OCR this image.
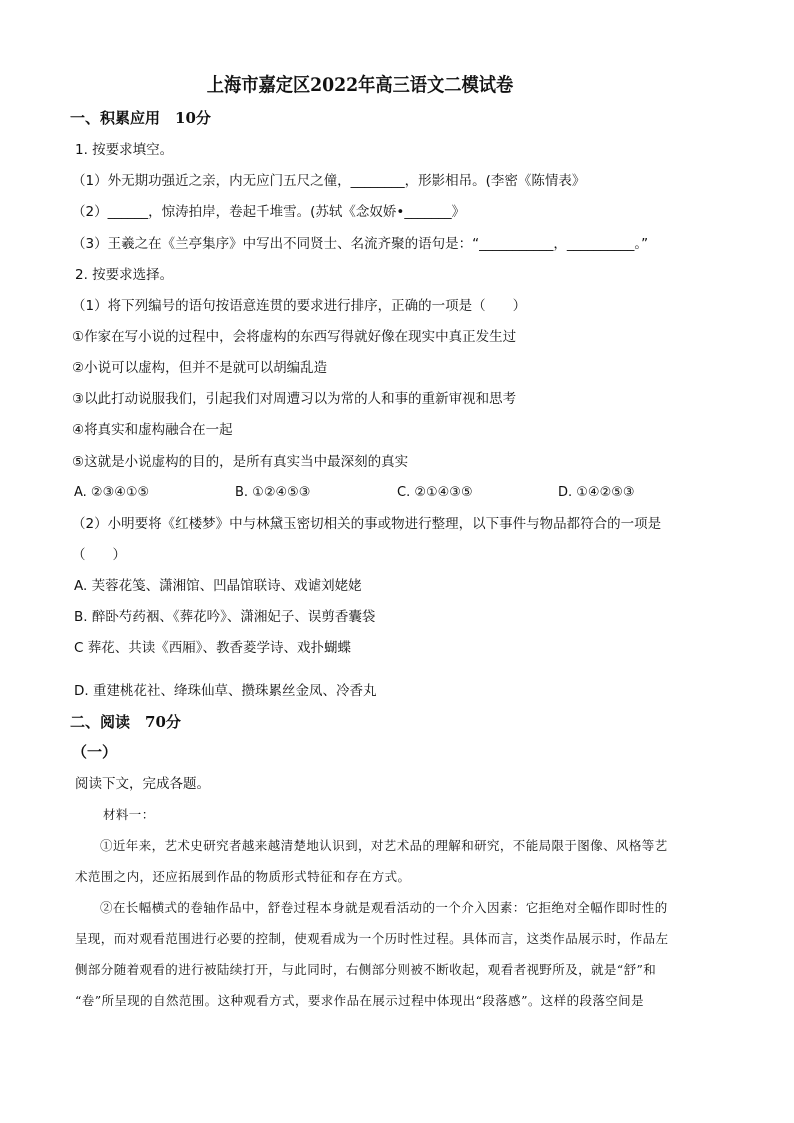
上海市嘉定区2022年高三语文二模试卷
一、积累应用　10分
1. 按要求填空。
（1）外无期功强近之亲，内无应门五尺之僮，________，形影相吊。(李密《陈情表》
（2）______，惊涛拍岸，卷起千堆雪。(苏轼《念奴娇•_______》
（3）王羲之在《兰亭集序》中写出不同贤士、名流齐聚的语句是：“___________，__________。”
2. 按要求选择。
（1）将下列编号的语句按语意连贯的要求进行排序，正确的一项是（　　）
①作家在写小说的过程中，会将虚构的东西写得就好像在现实中真正发生过
②小说可以虚构，但并不是就可以胡编乱造
③以此打动说服我们，引起我们对周遭习以为常的人和事的重新审视和思考
④将真实和虚构融合在一起
⑤这就是小说虚构的目的，是所有真实当中最深刻的真实
A. ②③④①⑤	B. ①②④⑤③	C. ②①④③⑤	D. ①④②⑤③
（2）小明要将《红楼梦》中与林黛玉密切相关的事或物进行整理，以下事件与物品都符合的一项是
（　　）
A. 芙蓉花笺、潇湘馆、凹晶馆联诗、戏谑刘姥姥
B. 醉卧芍药裀、《葬花吟》、潇湘妃子、误剪香囊袋
C 葬花、共读《西厢》、教香菱学诗、戏扑蝴蝶
D. 重建桃花社、绛珠仙草、攒珠累丝金凤、冷香丸
二、阅读　70分
（一）
阅读下文，完成各题。
材料一：
①近年来，艺术史研究者越来越清楚地认识到，对艺术品的理解和研究，不能局限于图像、风格等艺
术范围之内，还应拓展到作品的物质形式特征和存在方式。
②在长幅横式的卷轴作品中，舒卷过程本身就是观看活动的一个介入因素：它拒绝对全幅作即时性的
呈现，而对观看范围进行必要的控制，使观看成为一个历时性过程。具体而言，这类作品展示时，作品左
侧部分随着观看的进行被陆续打开，与此同时，右侧部分则被不断收起，观看者视野所及，就是“舒”和
“卷”所呈现的自然范围。这种观看方式，要求作品在展示过程中体现出“段落感”。这样的段落空间是
